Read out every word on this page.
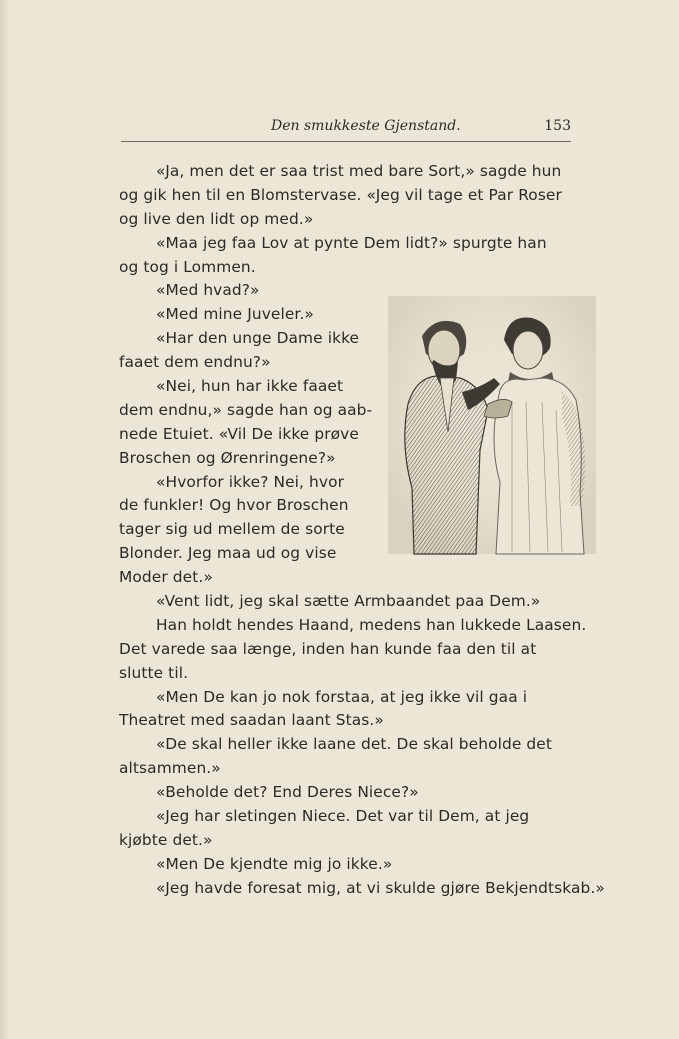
Den smukkeste Gjenstand.	153
«Ja, men det er saa trist med bare Sort,» sagde hun
og gik hen til en Blomstervase. «Jeg vil tage et Par Roser
og live den lidt op med.»
«Maa jeg faa Lov at pynte Dem lidt?» spurgte han
og tog i Lommen.
«Med hvad?»
«Med mine Juveler.»
«Har den unge Dame ikke
faaet dem endnu?»
«Nei, hun har ikke faaet
dem endnu,» sagde han og aab-
nede Etuiet. «Vil De ikke prøve
Broschen og Ørenringene?»
«Hvorfor ikke? Nei, hvor
de funkler! Og hvor Broschen
tager sig ud mellem de sorte
Blonder. Jeg maa ud og vise
Moder det.»
«Vent lidt, jeg skal sætte Armbaandet paa Dem.»
Han holdt hendes Haand, medens han lukkede Laasen.
Det varede saa længe, inden han kunde faa den til at
slutte til.
«Men De kan jo nok forstaa, at jeg ikke vil gaa i
Theatret med saadan laant Stas.»
«De skal heller ikke laane det. De skal beholde det
altsammen.»
«Beholde det? End Deres Niece?»
«Jeg har sletingen Niece. Det var til Dem, at jeg
kjøbte det.»
«Men De kjendte mig jo ikke.»
«Jeg havde foresat mig, at vi skulde gjøre Bekjendtskab.»
